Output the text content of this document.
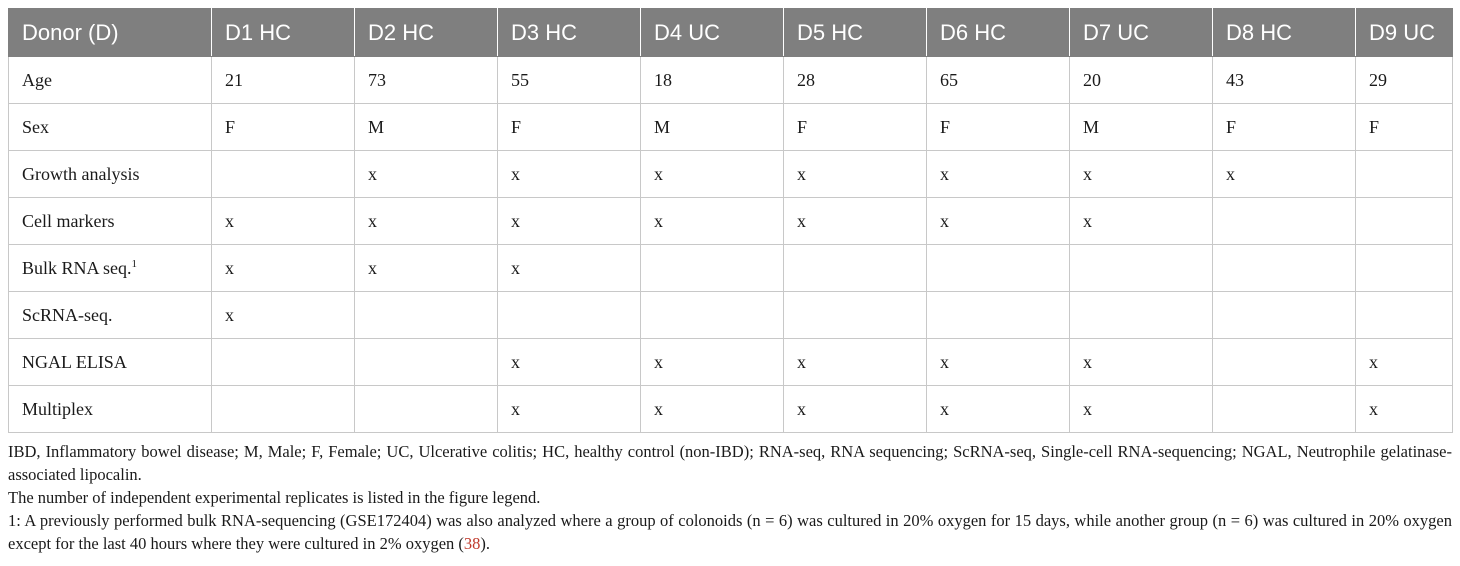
Donor (D)	D1 HC	D2 HC	D3 HC	D4 UC	D5 HC	D6 HC	D7 UC	D8 HC	D9 UC
Age	21	73	55	18	28	65	20	43	29
Sex	F	M	F	M	F	F	M	F	F
Growth analysis		x	x	x	x	x	x	x	
Cell markers	x	x	x	x	x	x	x		
Bulk RNA seq.$^1$	x	x	x						
ScRNA-seq.	x								
NGAL ELISA			x	x	x	x	x		x
Multiplex			x	x	x	x	x		x

IBD, Inflammatory bowel disease; M, Male; F, Female; UC, Ulcerative colitis; HC, healthy control (non-IBD); RNA-seq, RNA sequencing; ScRNA-seq, Single-cell RNA-sequencing; NGAL, Neutrophile gelatinase-associated lipocalin.

The number of independent experimental replicates is listed in the figure legend.

1: A previously performed bulk RNA-sequencing (GSE172404) was also analyzed where a group of colonoids (n = 6) was cultured in 20% oxygen for 15 days, while another group (n = 6) was cultured in 20% oxygen except for the last 40 hours where they were cultured in 2% oxygen (38).
